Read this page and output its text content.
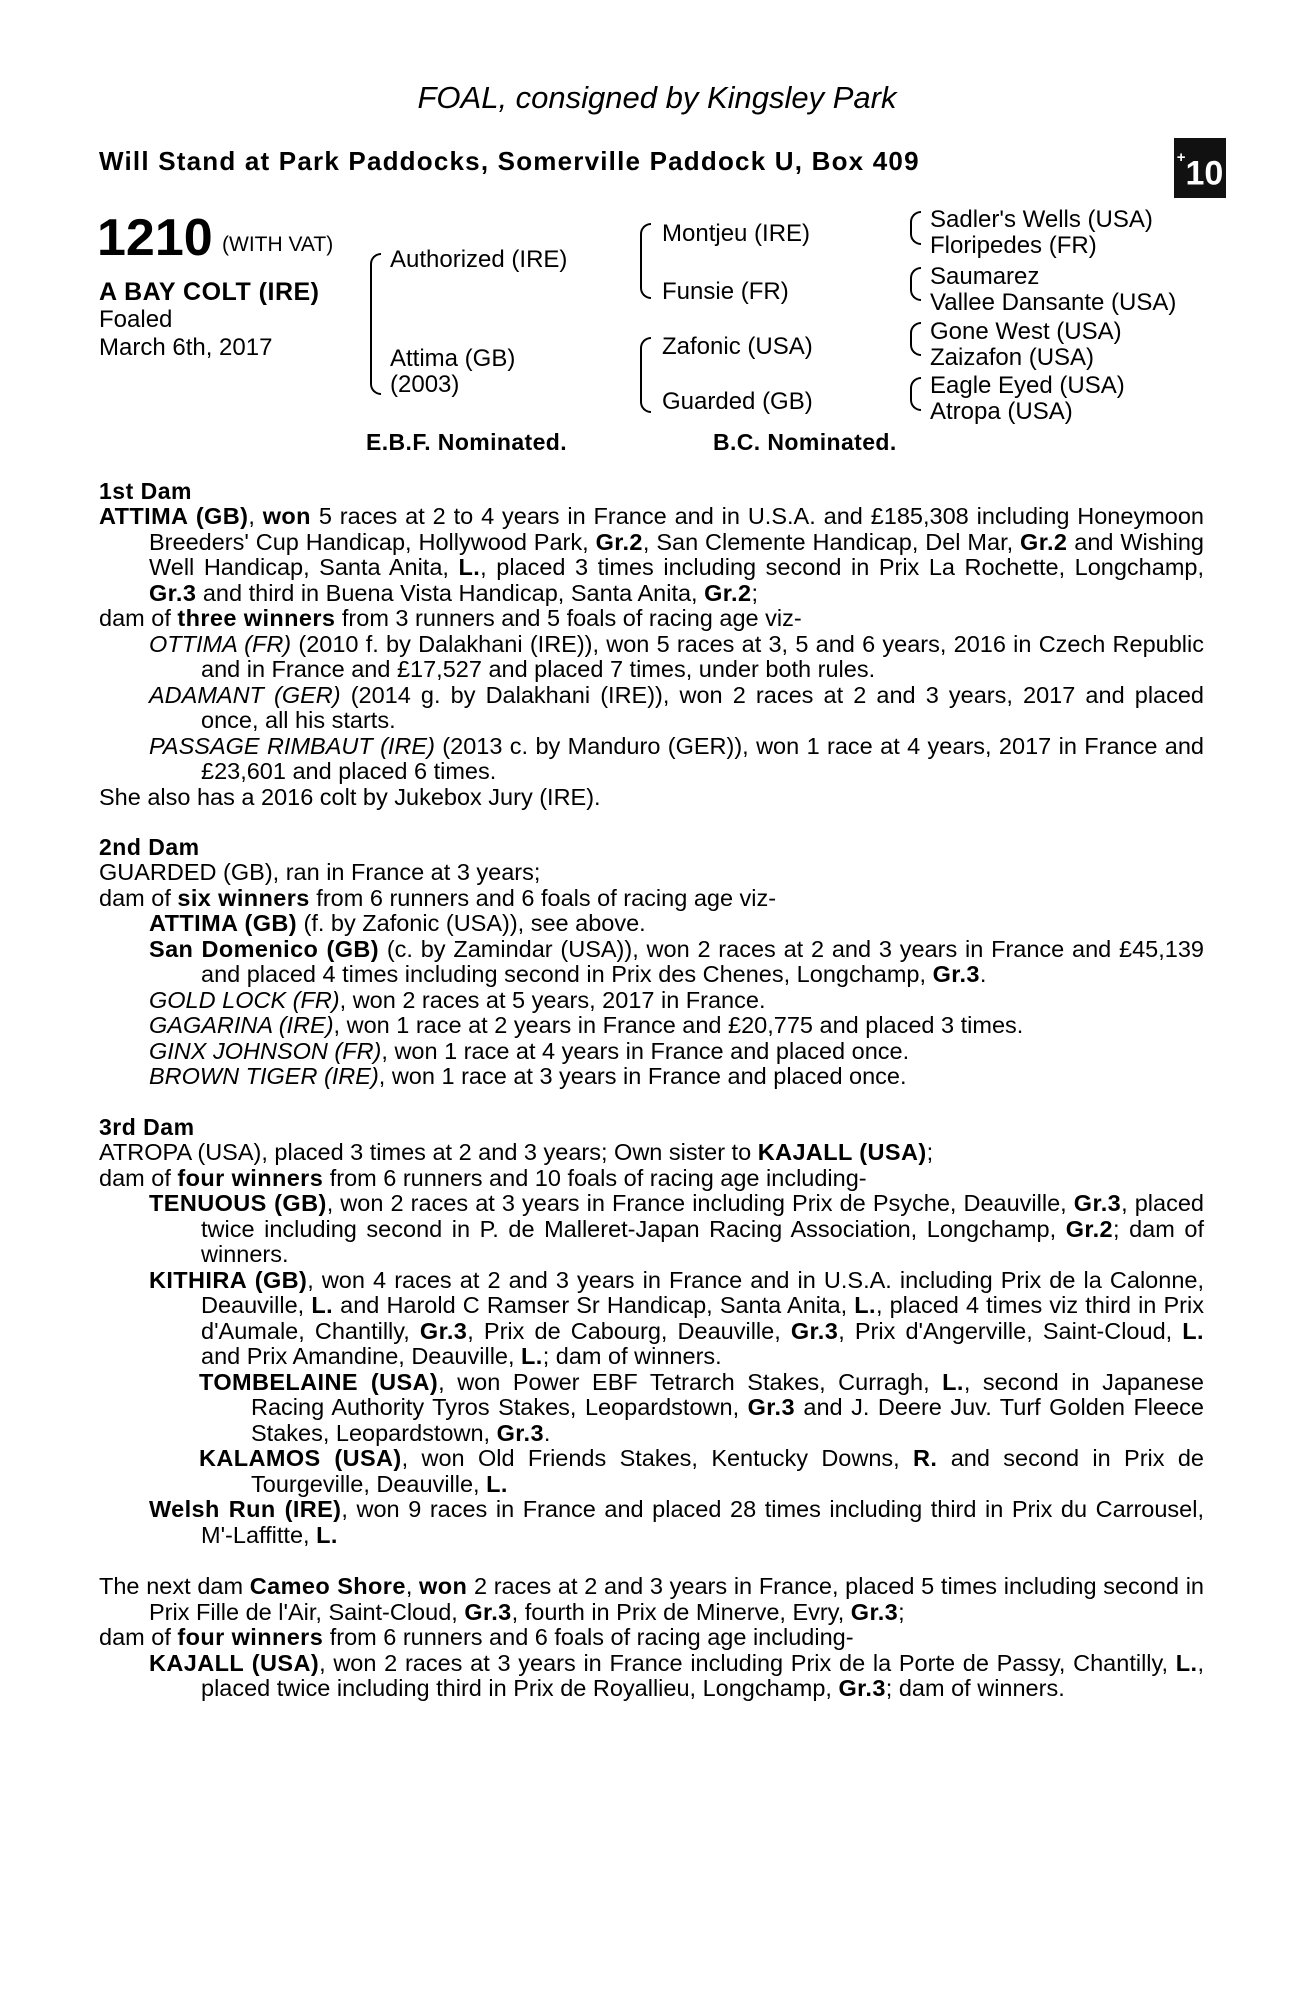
FOAL, consigned by Kingsley Park
Will Stand at Park Paddocks, Somerville Paddock U, Box 409	+10
1210 (WITH VAT)
A BAY COLT (IRE)
Foaled
March 6th, 2017
Authorized (IRE)
Attima (GB)
(2003)
Montjeu (IRE)
Funsie (FR)
Zafonic (USA)
Guarded (GB)
Sadler's Wells (USA)
Floripedes (FR)
Saumarez
Vallee Dansante (USA)
Gone West (USA)
Zaizafon (USA)
Eagle Eyed (USA)
Atropa (USA)
E.B.F. Nominated.	B.C. Nominated.
1st Dam

ATTIMA (GB), won 5 races at 2 to 4 years in France and in U.S.A. and £185,308 including Honeymoon Breeders' Cup Handicap, Hollywood Park, Gr.2, San Clemente Handicap, Del Mar, Gr.2 and Wishing Well Handicap, Santa Anita, L., placed 3 times including second in Prix La Rochette, Longchamp, Gr.3 and third in Buena Vista Handicap, Santa Anita, Gr.2;

dam of three winners from 3 runners and 5 foals of racing age viz-

OTTIMA (FR) (2010 f. by Dalakhani (IRE)), won 5 races at 3, 5 and 6 years, 2016 in Czech Republic and in France and £17,527 and placed 7 times, under both rules.

ADAMANT (GER) (2014 g. by Dalakhani (IRE)), won 2 races at 2 and 3 years, 2017 and placed once, all his starts.

PASSAGE RIMBAUT (IRE) (2013 c. by Manduro (GER)), won 1 race at 4 years, 2017 in France and £23,601 and placed 6 times.

She also has a 2016 colt by Jukebox Jury (IRE).

2nd Dam

GUARDED (GB), ran in France at 3 years;

dam of six winners from 6 runners and 6 foals of racing age viz-

ATTIMA (GB) (f. by Zafonic (USA)), see above.

San Domenico (GB) (c. by Zamindar (USA)), won 2 races at 2 and 3 years in France and £45,139 and placed 4 times including second in Prix des Chenes, Longchamp, Gr.3.

GOLD LOCK (FR), won 2 races at 5 years, 2017 in France.

GAGARINA (IRE), won 1 race at 2 years in France and £20,775 and placed 3 times.

GINX JOHNSON (FR), won 1 race at 4 years in France and placed once.

BROWN TIGER (IRE), won 1 race at 3 years in France and placed once.

3rd Dam

ATROPA (USA), placed 3 times at 2 and 3 years; Own sister to KAJALL (USA);

dam of four winners from 6 runners and 10 foals of racing age including-

TENUOUS (GB), won 2 races at 3 years in France including Prix de Psyche, Deauville, Gr.3, placed twice including second in P. de Malleret-Japan Racing Association, Longchamp, Gr.2; dam of winners.

KITHIRA (GB), won 4 races at 2 and 3 years in France and in U.S.A. including Prix de la Calonne, Deauville, L. and Harold C Ramser Sr Handicap, Santa Anita, L., placed 4 times viz third in Prix d'Aumale, Chantilly, Gr.3, Prix de Cabourg, Deauville, Gr.3, Prix d'Angerville, Saint-Cloud, L. and Prix Amandine, Deauville, L.; dam of winners.

TOMBELAINE (USA), won Power EBF Tetrarch Stakes, Curragh, L., second in Japanese Racing Authority Tyros Stakes, Leopardstown, Gr.3 and J. Deere Juv. Turf Golden Fleece Stakes, Leopardstown, Gr.3.

KALAMOS (USA), won Old Friends Stakes, Kentucky Downs, R. and second in Prix de Tourgeville, Deauville, L.

Welsh Run (IRE), won 9 races in France and placed 28 times including third in Prix du Carrousel, M'-Laffitte, L.

The next dam Cameo Shore, won 2 races at 2 and 3 years in France, placed 5 times including second in Prix Fille de l'Air, Saint-Cloud, Gr.3, fourth in Prix de Minerve, Evry, Gr.3;

dam of four winners from 6 runners and 6 foals of racing age including-

KAJALL (USA), won 2 races at 3 years in France including Prix de la Porte de Passy, Chantilly, L., placed twice including third in Prix de Royallieu, Longchamp, Gr.3; dam of winners.
